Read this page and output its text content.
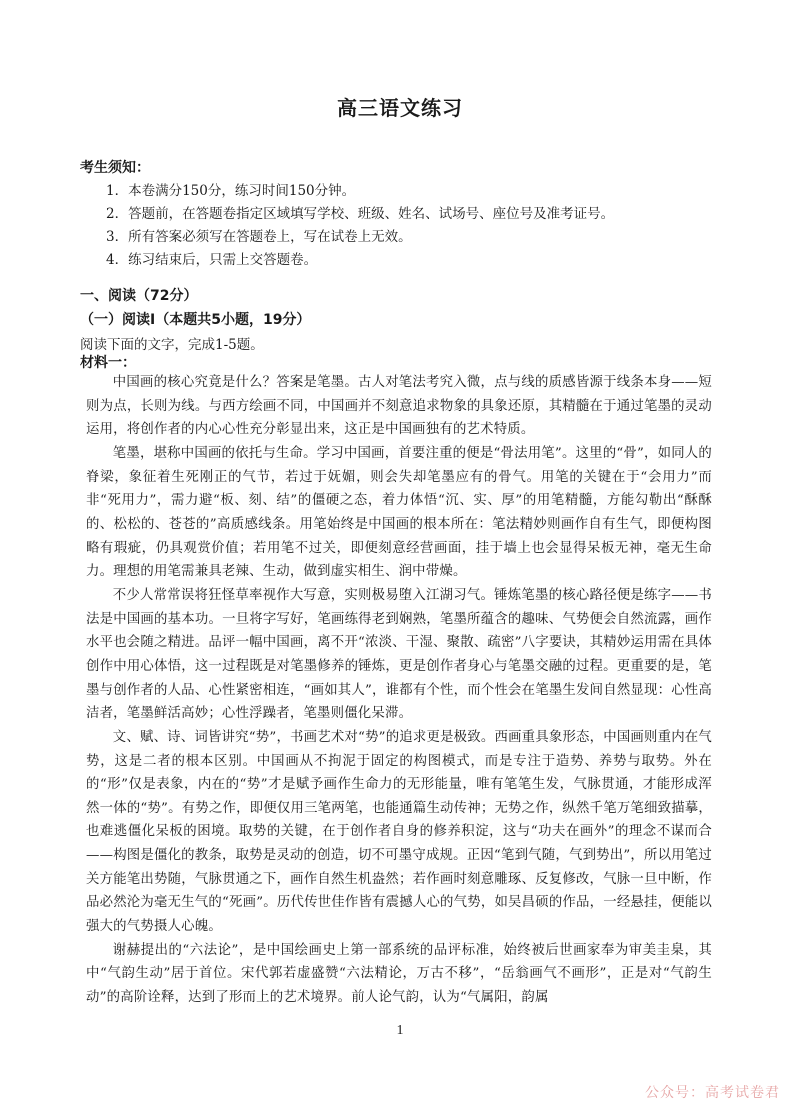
高三语文练习
考生须知：
1．本卷满分150分，练习时间150分钟。
2．答题前，在答题卷指定区域填写学校、班级、姓名、试场号、座位号及准考证号。
3．所有答案必须写在答题卷上，写在试卷上无效。
4．练习结束后，只需上交答题卷。
一、阅读（72分）
（一）阅读Ⅰ（本题共5小题，19分）
阅读下面的文字，完成1-5题。
材料一：

中国画的核心究竟是什么？答案是笔墨。古人对笔法考究入微，点与线的质感皆源于线条本身——短则为点，长则为线。与西方绘画不同，中国画并不刻意追求物象的具象还原，其精髓在于通过笔墨的灵动运用，将创作者的内心心性充分彰显出来，这正是中国画独有的艺术特质。

笔墨，堪称中国画的依托与生命。学习中国画，首要注重的便是“骨法用笔”。这里的“骨”，如同人的脊梁，象征着生死刚正的气节，若过于妩媚，则会失却笔墨应有的骨气。用笔的关键在于“会用力”而非“死用力”，需力避“板、刻、结”的僵硬之态，着力体悟“沉、实、厚”的用笔精髓，方能勾勒出“酥酥的、松松的、苍苍的”高质感线条。用笔始终是中国画的根本所在：笔法精妙则画作自有生气，即便构图略有瑕疵，仍具观赏价值；若用笔不过关，即便刻意经营画面，挂于墙上也会显得呆板无神，毫无生命力。理想的用笔需兼具老辣、生动，做到虚实相生、润中带燥。

不少人常常误将狂怪草率视作大写意，实则极易堕入江湖习气。锤炼笔墨的核心路径便是练字——书法是中国画的基本功。一旦将字写好，笔画练得老到娴熟，笔墨所蕴含的趣味、气势便会自然流露，画作水平也会随之精进。品评一幅中国画，离不开“浓淡、干湿、聚散、疏密”八字要诀，其精妙运用需在具体创作中用心体悟，这一过程既是对笔墨修养的锤炼，更是创作者身心与笔墨交融的过程。更重要的是，笔墨与创作者的人品、心性紧密相连，“画如其人”，谁都有个性，而个性会在笔墨生发间自然显现：心性高洁者，笔墨鲜活高妙；心性浮躁者，笔墨则僵化呆滞。

文、赋、诗、词皆讲究“势”，书画艺术对“势”的追求更是极致。西画重具象形态，中国画则重内在气势，这是二者的根本区别。中国画从不拘泥于固定的构图模式，而是专注于造势、养势与取势。外在的“形”仅是表象，内在的“势”才是赋予画作生命力的无形能量，唯有笔笔生发，气脉贯通，才能形成浑然一体的“势”。有势之作，即便仅用三笔两笔，也能通篇生动传神；无势之作，纵然千笔万笔细致描摹，也难逃僵化呆板的困境。取势的关键，在于创作者自身的修养积淀，这与“功夫在画外”的理念不谋而合——构图是僵化的教条，取势是灵动的创造，切不可墨守成规。正因“笔到气随，气到势出”，所以用笔过关方能笔出势随，气脉贯通之下，画作自然生机盎然；若作画时刻意雕琢、反复修改，气脉一旦中断，作品必然沦为毫无生气的“死画”。历代传世佳作皆有震撼人心的气势，如吴昌硕的作品，一经悬挂，便能以强大的气势摄人心魄。

谢赫提出的“六法论”，是中国绘画史上第一部系统的品评标准，始终被后世画家奉为审美圭臬，其中“气韵生动”居于首位。宋代郭若虚盛赞“六法精论，万古不移”，“岳翁画气不画形”，正是对“气韵生动”的高阶诠释，达到了形而上的艺术境界。前人论气韵，认为“气属阳，韵属

1
公众号：高考试卷君
